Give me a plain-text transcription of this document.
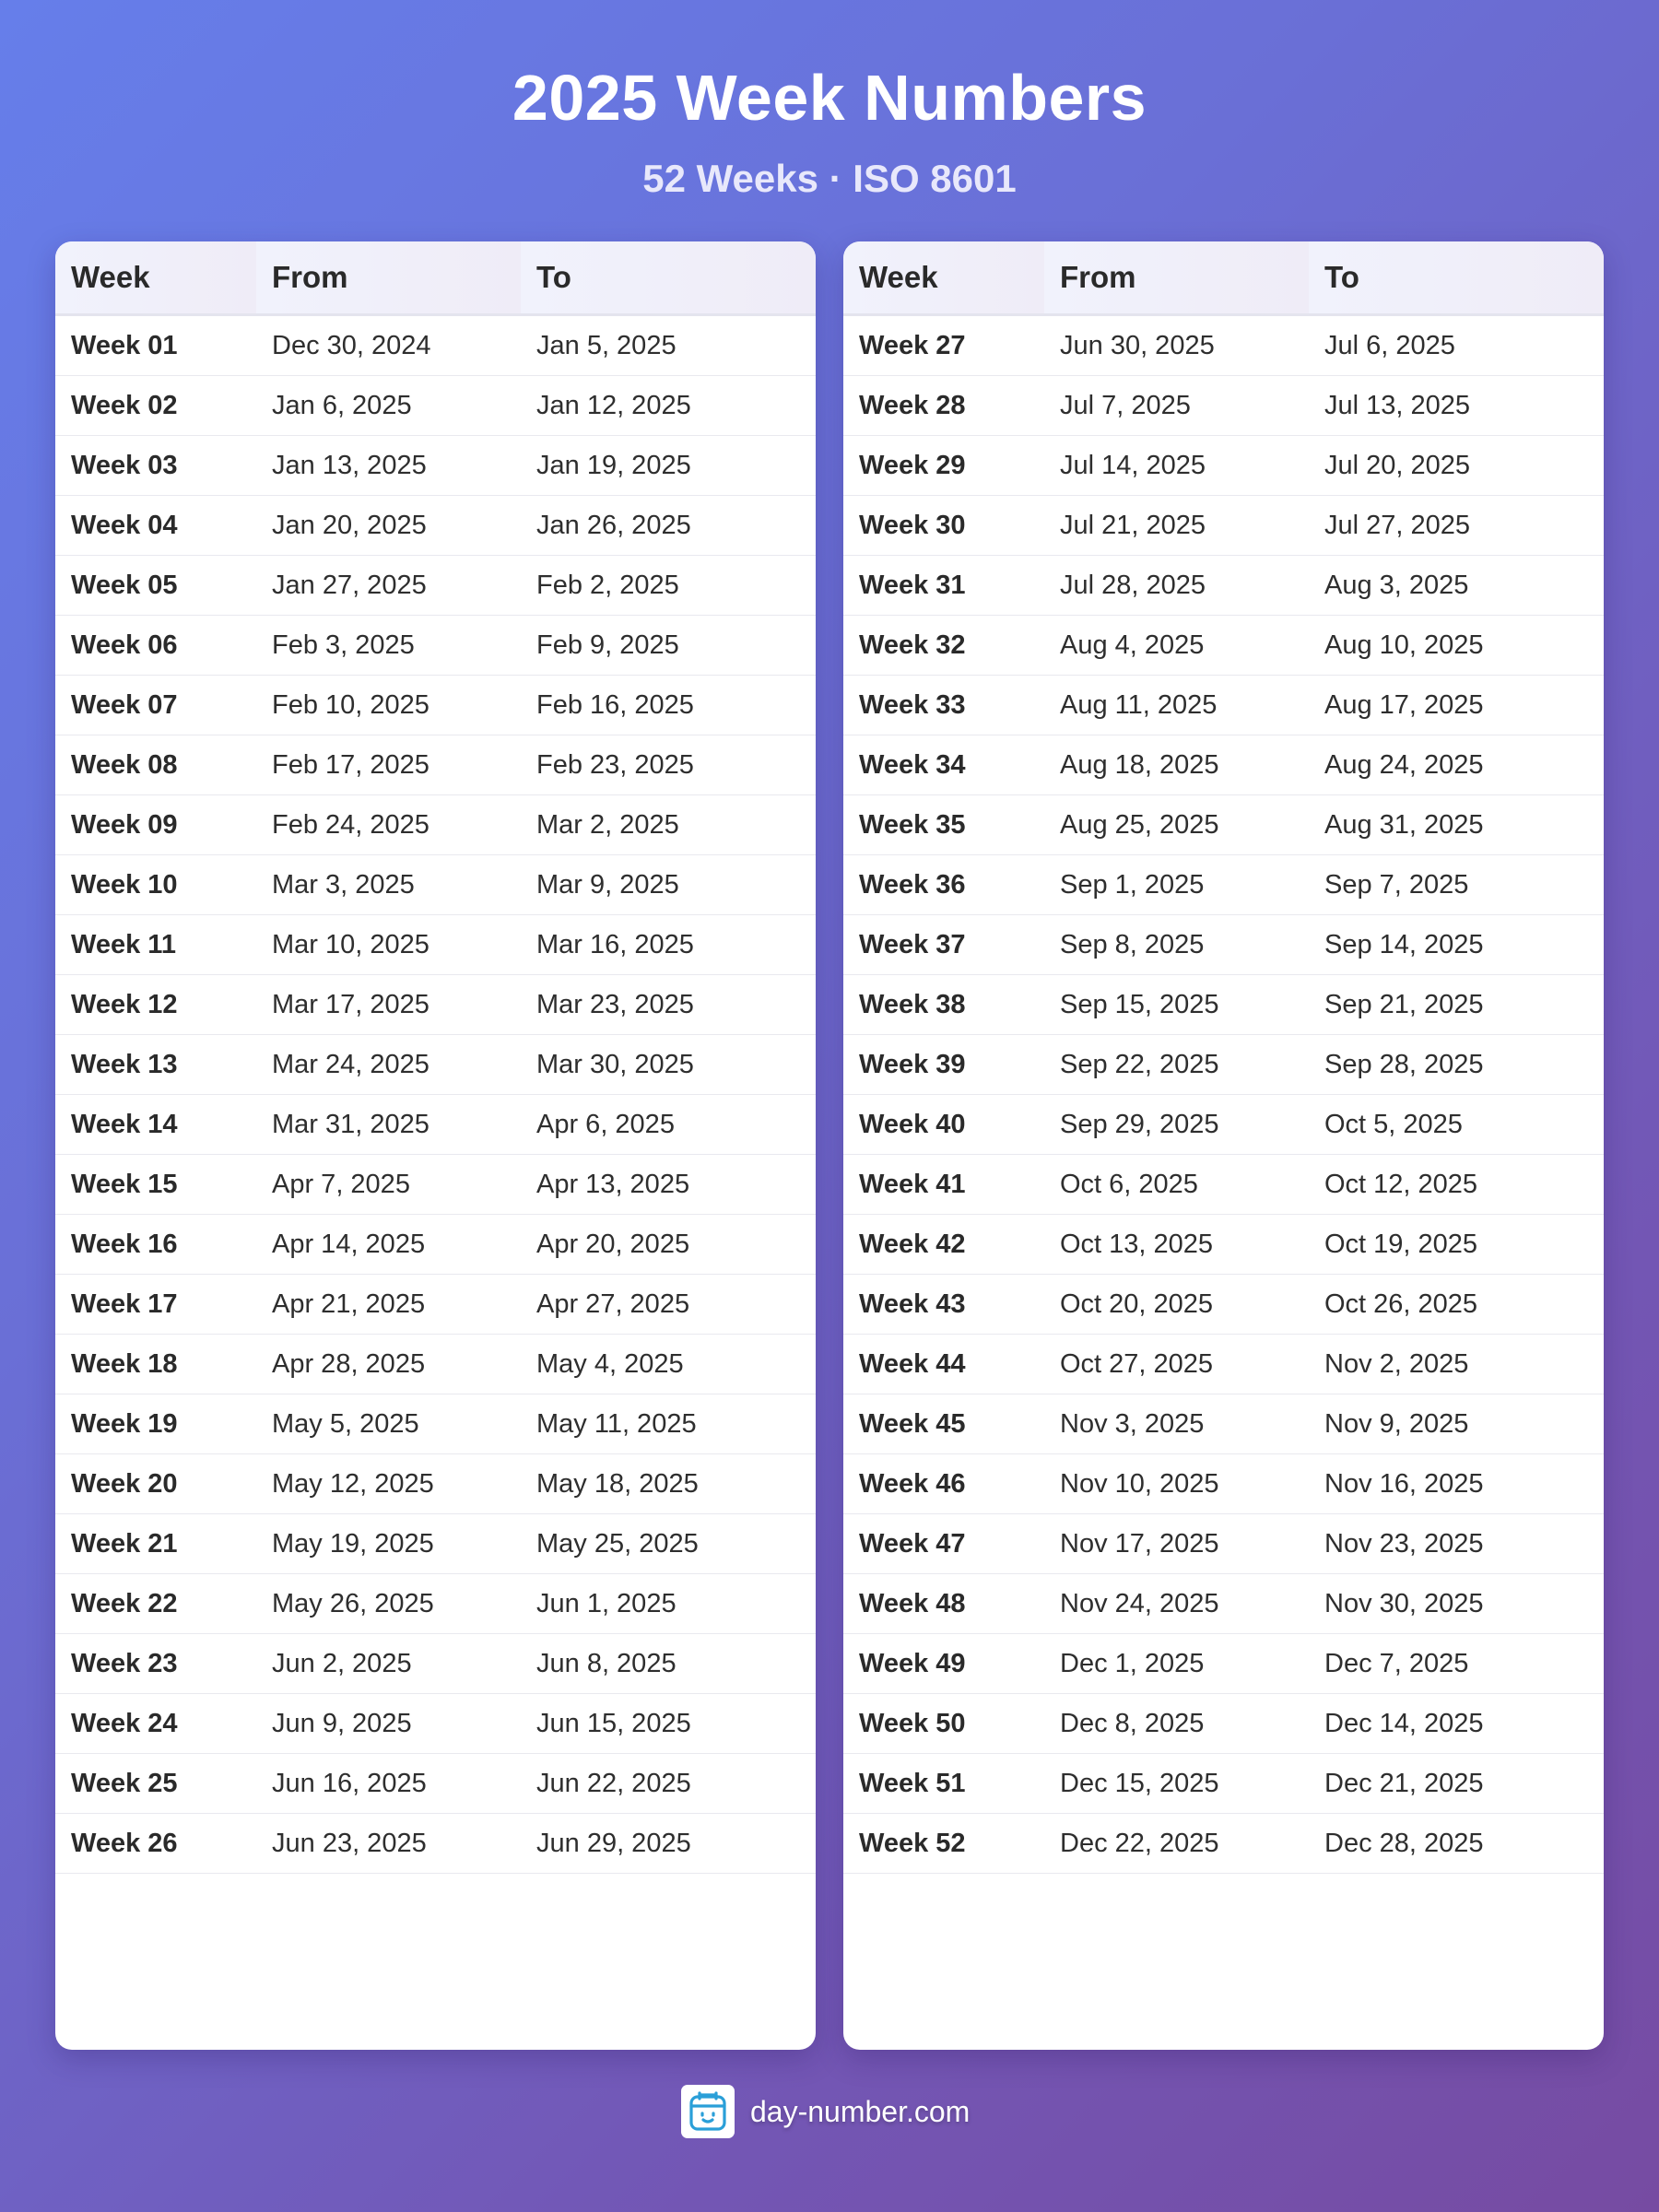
2025 Week Numbers
52 Weeks · ISO 8601
Week	From	To
Week 01	Dec 30, 2024	Jan 5, 2025
Week 02	Jan 6, 2025	Jan 12, 2025
Week 03	Jan 13, 2025	Jan 19, 2025
Week 04	Jan 20, 2025	Jan 26, 2025
Week 05	Jan 27, 2025	Feb 2, 2025
Week 06	Feb 3, 2025	Feb 9, 2025
Week 07	Feb 10, 2025	Feb 16, 2025
Week 08	Feb 17, 2025	Feb 23, 2025
Week 09	Feb 24, 2025	Mar 2, 2025
Week 10	Mar 3, 2025	Mar 9, 2025
Week 11	Mar 10, 2025	Mar 16, 2025
Week 12	Mar 17, 2025	Mar 23, 2025
Week 13	Mar 24, 2025	Mar 30, 2025
Week 14	Mar 31, 2025	Apr 6, 2025
Week 15	Apr 7, 2025	Apr 13, 2025
Week 16	Apr 14, 2025	Apr 20, 2025
Week 17	Apr 21, 2025	Apr 27, 2025
Week 18	Apr 28, 2025	May 4, 2025
Week 19	May 5, 2025	May 11, 2025
Week 20	May 12, 2025	May 18, 2025
Week 21	May 19, 2025	May 25, 2025
Week 22	May 26, 2025	Jun 1, 2025
Week 23	Jun 2, 2025	Jun 8, 2025
Week 24	Jun 9, 2025	Jun 15, 2025
Week 25	Jun 16, 2025	Jun 22, 2025
Week 26	Jun 23, 2025	Jun 29, 2025
Week	From	To
Week 27	Jun 30, 2025	Jul 6, 2025
Week 28	Jul 7, 2025	Jul 13, 2025
Week 29	Jul 14, 2025	Jul 20, 2025
Week 30	Jul 21, 2025	Jul 27, 2025
Week 31	Jul 28, 2025	Aug 3, 2025
Week 32	Aug 4, 2025	Aug 10, 2025
Week 33	Aug 11, 2025	Aug 17, 2025
Week 34	Aug 18, 2025	Aug 24, 2025
Week 35	Aug 25, 2025	Aug 31, 2025
Week 36	Sep 1, 2025	Sep 7, 2025
Week 37	Sep 8, 2025	Sep 14, 2025
Week 38	Sep 15, 2025	Sep 21, 2025
Week 39	Sep 22, 2025	Sep 28, 2025
Week 40	Sep 29, 2025	Oct 5, 2025
Week 41	Oct 6, 2025	Oct 12, 2025
Week 42	Oct 13, 2025	Oct 19, 2025
Week 43	Oct 20, 2025	Oct 26, 2025
Week 44	Oct 27, 2025	Nov 2, 2025
Week 45	Nov 3, 2025	Nov 9, 2025
Week 46	Nov 10, 2025	Nov 16, 2025
Week 47	Nov 17, 2025	Nov 23, 2025
Week 48	Nov 24, 2025	Nov 30, 2025
Week 49	Dec 1, 2025	Dec 7, 2025
Week 50	Dec 8, 2025	Dec 14, 2025
Week 51	Dec 15, 2025	Dec 21, 2025
Week 52	Dec 22, 2025	Dec 28, 2025
day-number.com
